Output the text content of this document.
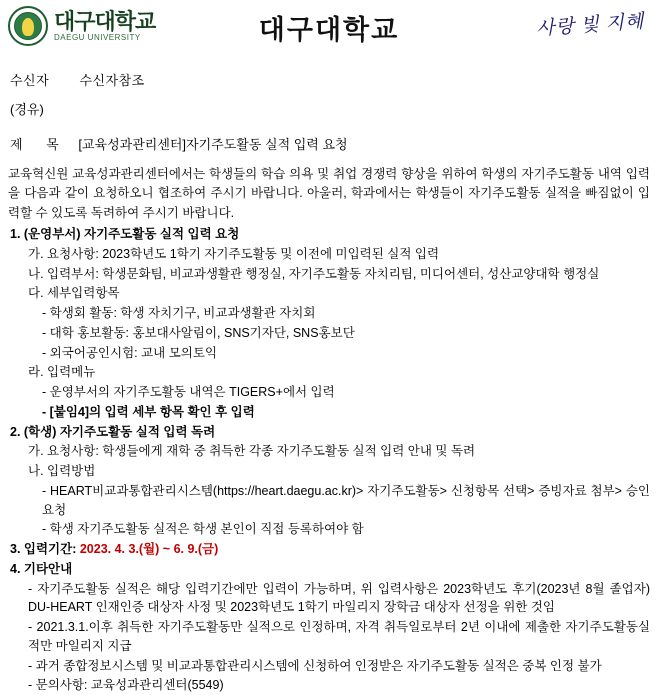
대구대학교
DAEGU UNIVERSITY	대구대학교	사랑 빛 지혜
수신자 수신자참조
(경유)
제 목 [교육성과관리센터]자기주도활동 실적 입력 요청
교육혁신원 교육성과관리센터에서는 학생들의 학습 의욕 및 취업 경쟁력 향상을 위하여 학생의 자기주도활동 내역 입력을 다음과 같이 요청하오니 협조하여 주시기 바랍니다. 아울러, 학과에서는 학생들이 자기주도활동 실적을 빠짐없이 입력할 수 있도록 독려하여 주시기 바랍니다.
1. (운영부서) 자기주도활동 실적 입력 요청
가. 요청사항: 2023학년도 1학기 자기주도활동 및 이전에 미입력된 실적 입력
나. 입력부서: 학생문화팀, 비교과생활관 행정실, 자기주도활동 자치리팀, 미디어센터, 성산교양대학 행정실
다. 세부입력항목
- 학생회 활동: 학생 자치기구, 비교과생활관 자치회
- 대학 홍보활동: 홍보대사알림이, SNS기자단, SNS홍보단
- 외국어공인시험: 교내 모의토익
라. 입력메뉴
- 운영부서의 자기주도활동 내역은 TIGERS+에서 입력
- [붙임4]의 입력 세부 항목 확인 후 입력
2. (학생) 자기주도활동 실적 입력 독려
가. 요청사항: 학생들에게 재학 중 취득한 각종 자기주도활동 실적 입력 안내 및 독려
나. 입력방법
- HEART비교과통합관리시스템(https://heart.daegu.ac.kr)> 자기주도활동> 신청항목 선택> 증빙자료 첨부> 승인요청
- 학생 자기주도활동 실적은 학생 본인이 직접 등록하여야 함
3. 입력기간: 2023. 4. 3.(월) ~ 6. 9.(금)
4. 기타안내
- 자기주도활동 실적은 해당 입력기간에만 입력이 가능하며, 위 입력사항은 2023학년도 후기(2023년 8월 졸업자) DU-HEART 인재인증 대상자 사정 및 2023학년도 1학기 마일리지 장학금 대상자 선정을 위한 것임
- 2021.3.1.이후 취득한 자기주도활동만 실적으로 인정하며, 자격 취득일로부터 2년 이내에 제출한 자기주도활동실적만 마일리지 지급
- 과거 종합정보시스템 및 비교과통합관리시스템에 신청하여 인정받은 자기주도활동 실적은 중복 인정 불가
- 문의사항: 교육성과관리센터(5549)
